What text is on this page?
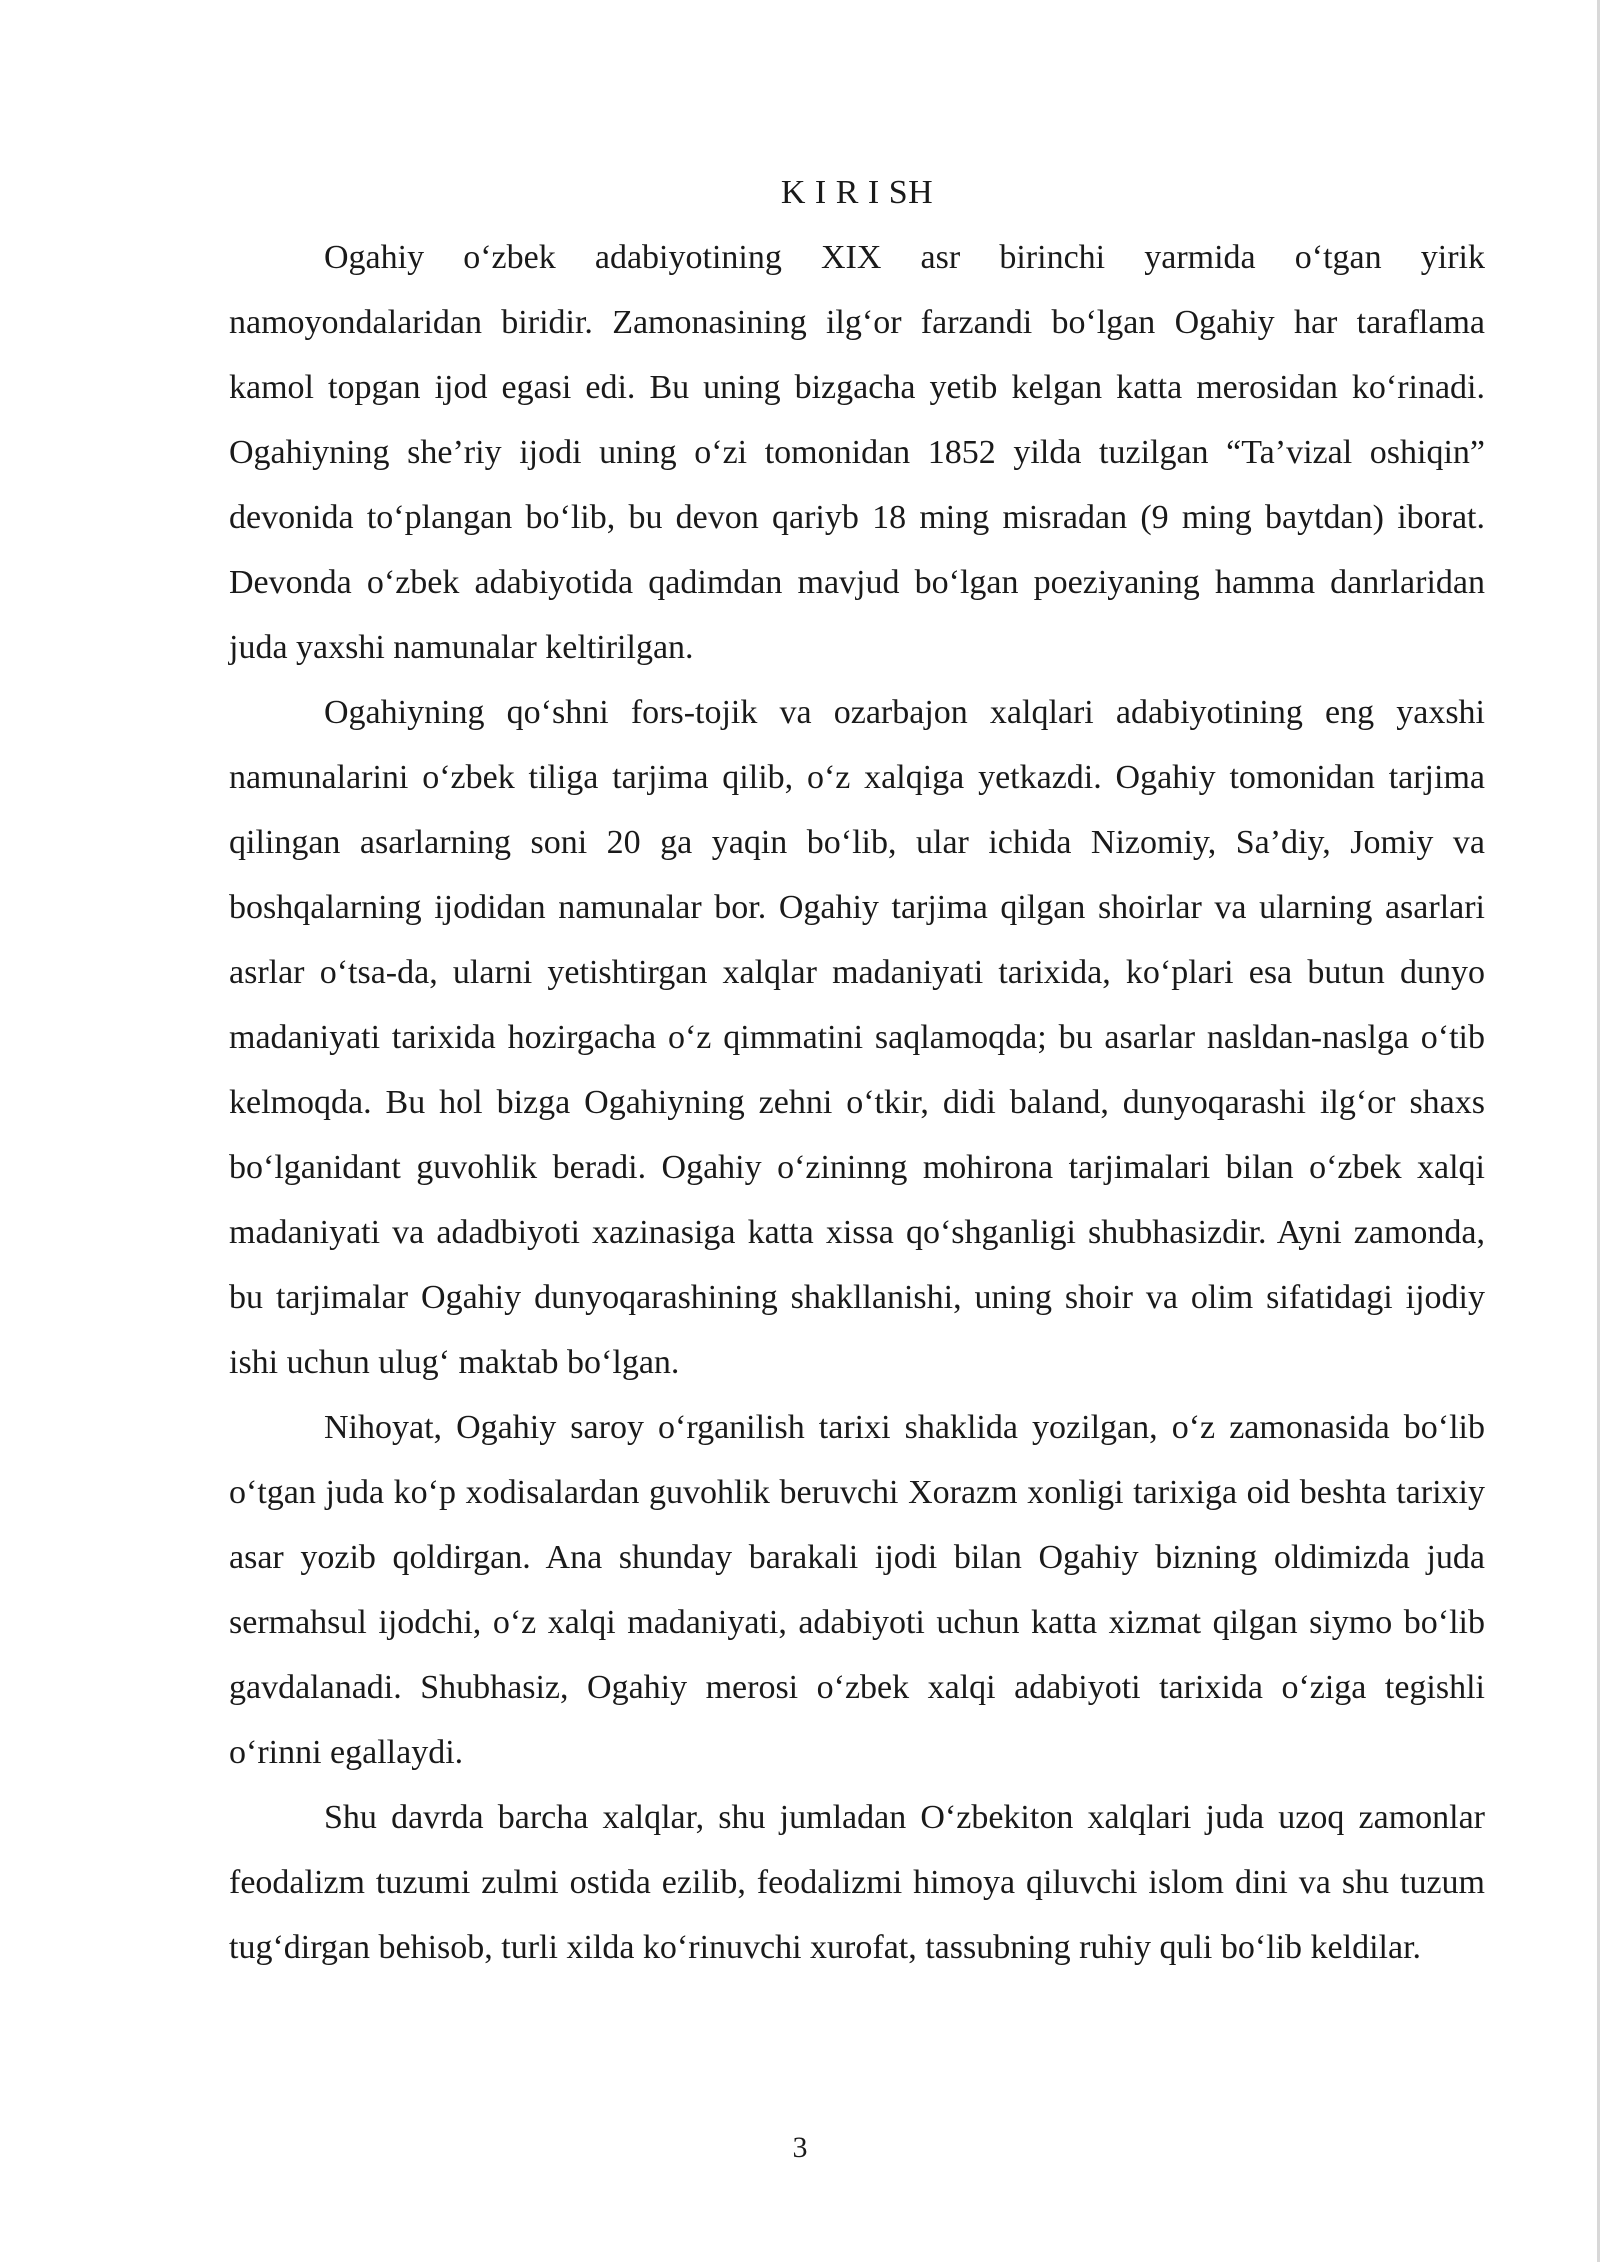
K I R I SH

Ogahiy o‘zbek adabiyotining XIX asr birinchi yarmida o‘tgan yirik namoyondalaridan biridir. Zamonasining ilg‘or farzandi bo‘lgan Ogahiy har taraflama kamol topgan ijod egasi edi. Bu uning bizgacha yetib kelgan katta merosidan ko‘rinadi. Ogahiyning she’riy ijodi uning o‘zi tomonidan 1852 yilda tuzilgan “Ta’vizal oshiqin” devonida to‘plangan bo‘lib, bu devon qariyb 18 ming misradan (9 ming baytdan) iborat. Devonda o‘zbek adabiyotida qadimdan mavjud bo‘lgan poeziyaning hamma danrlaridan juda yaxshi namunalar keltirilgan.

Ogahiyning qo‘shni fors-tojik va ozarbajon xalqlari adabiyotining eng yaxshi namunalarini o‘zbek tiliga tarjima qilib, o‘z xalqiga yetkazdi. Ogahiy tomonidan tarjima qilingan asarlarning soni 20 ga yaqin bo‘lib, ular ichida Nizomiy, Sa’diy, Jomiy va boshqalarning ijodidan namunalar bor. Ogahiy tarjima qilgan shoirlar va ularning asarlari asrlar o‘tsa-da, ularni yetishtirgan xalqlar madaniyati tarixida, ko‘plari esa butun dunyo madaniyati tarixida hozirgacha o‘z qimmatini saqlamoqda; bu asarlar nasldan-naslga o‘tib kelmoqda. Bu hol bizga Ogahiyning zehni o‘tkir, didi baland, dunyoqarashi ilg‘or shaxs bo‘lganidant guvohlik beradi. Ogahiy o‘zininng mohirona tarjimalari bilan o‘zbek xalqi madaniyati va adadbiyoti xazinasiga katta xissa qo‘shganligi shubhasizdir. Ayni zamonda, bu tarjimalar Ogahiy dunyoqarashining shakllanishi, uning shoir va olim sifatidagi ijodiy ishi uchun ulug‘ maktab bo‘lgan.

Nihoyat, Ogahiy saroy o‘rganilish tarixi shaklida yozilgan, o‘z zamonasida bo‘lib o‘tgan juda ko‘p xodisalardan guvohlik beruvchi Xorazm xonligi tarixiga oid beshta tarixiy asar yozib qoldirgan. Ana shunday barakali ijodi bilan Ogahiy bizning oldimizda juda sermahsul ijodchi, o‘z xalqi madaniyati, adabiyoti uchun katta xizmat qilgan siymo bo‘lib gavdalanadi. Shubhasiz, Ogahiy merosi o‘zbek xalqi adabiyoti tarixida o‘ziga tegishli o‘rinni egallaydi.

Shu davrda barcha xalqlar, shu jumladan O‘zbekiton xalqlari juda uzoq zamonlar feodalizm tuzumi zulmi ostida ezilib, feodalizmi himoya qiluvchi islom dini va shu tuzum tug‘dirgan behisob, turli xilda ko‘rinuvchi xurofat, tassubning ruhiy quli bo‘lib keldilar.

3
